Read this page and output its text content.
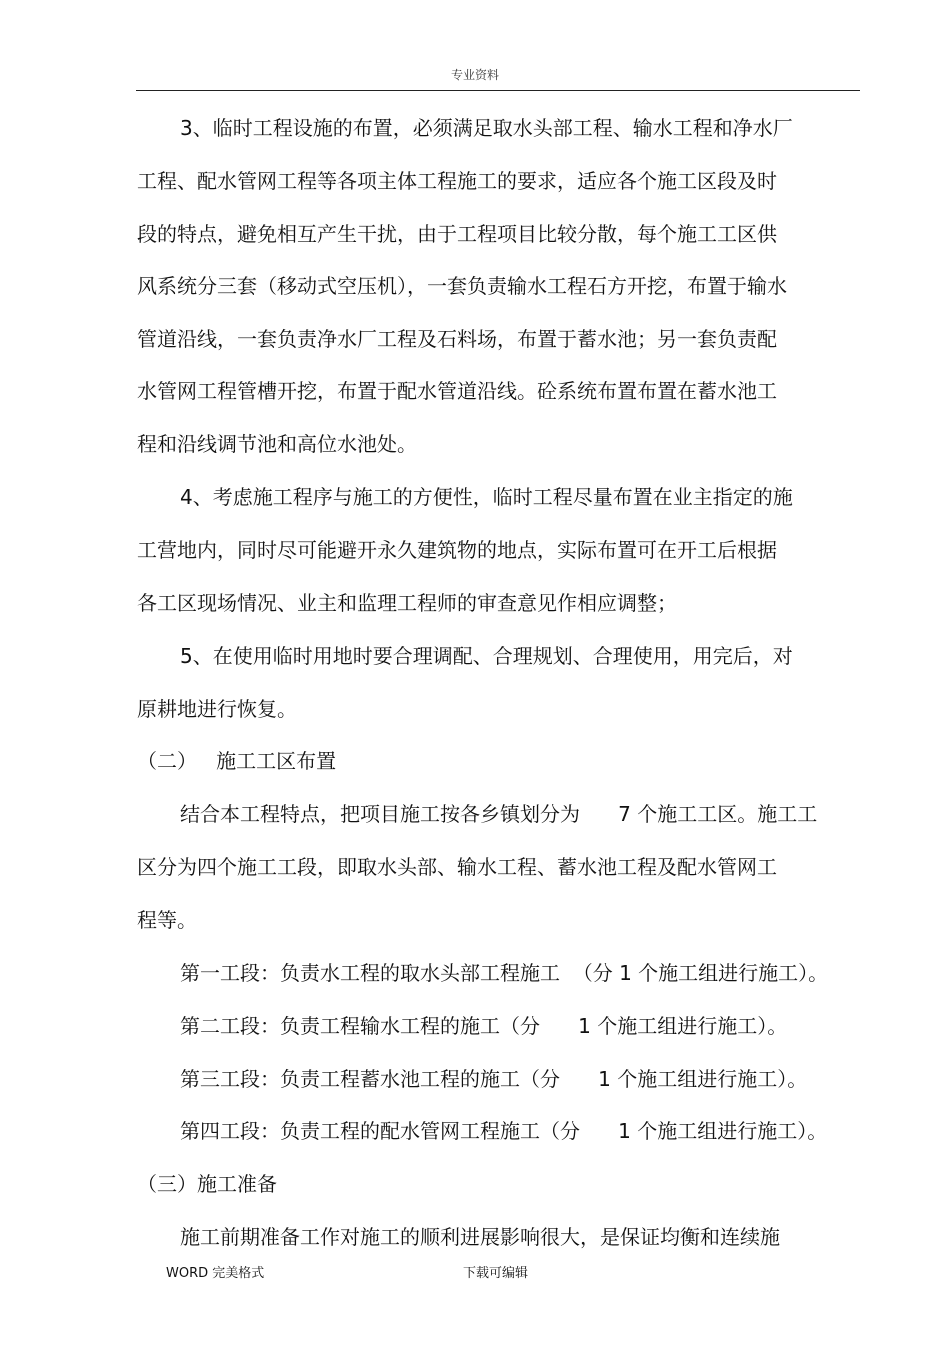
专业资料
3、临时工程设施的布置，必须满足取水头部工程、输水工程和净水厂
工程、配水管网工程等各项主体工程施工的要求，适应各个施工区段及时
段的特点，避免相互产生干扰，由于工程项目比较分散，每个施工工区供
风系统分三套（移动式空压机），一套负责输水工程石方开挖，布置于输水
管道沿线，一套负责净水厂工程及石料场，布置于蓄水池；另一套负责配
水管网工程管槽开挖，布置于配水管道沿线。砼系统布置布置在蓄水池工
程和沿线调节池和高位水池处。
4、考虑施工程序与施工的方便性，临时工程尽量布置在业主指定的施
工营地内，同时尽可能避开永久建筑物的地点，实际布置可在开工后根据
各工区现场情况、业主和监理工程师的审查意见作相应调整；
5、在使用临时用地时要合理调配、合理规划、合理使用，用完后，对
原耕地进行恢复。
（二）   施工工区布置
结合本工程特点，把项目施工按各乡镇划分为      7 个施工工区。施工工
区分为四个施工工段，即取水头部、输水工程、蓄水池工程及配水管网工
程等。
第一工段：负责水工程的取水头部工程施工  （分 1 个施工组进行施工）。
第二工段：负责工程输水工程的施工（分      1 个施工组进行施工）。
第三工段：负责工程蓄水池工程的施工（分      1 个施工组进行施工）。
第四工段：负责工程的配水管网工程施工（分      1 个施工组进行施工）。
（三）施工准备
施工前期准备工作对施工的顺利进展影响很大，是保证均衡和连续施
WORD 完美格式	下载可编辑
